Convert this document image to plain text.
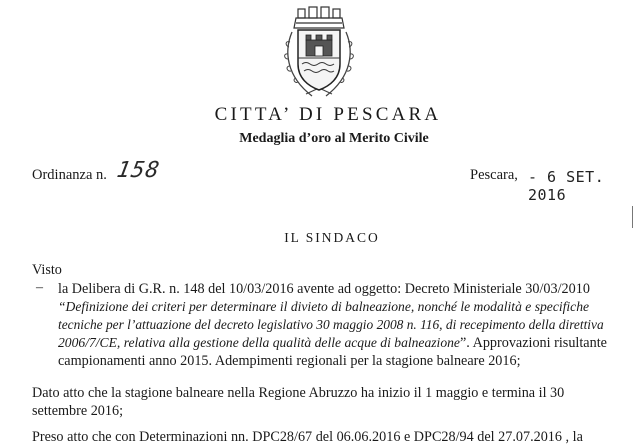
CITTA’ DI PESCARA
Medaglia d’oro al Merito Civile
Ordinanza n. 158	Pescara, - 6 SET. 2016
IL SINDACO
Visto
– la Delibera di G.R. n. 148 del 10/03/2016 avente ad oggetto: Decreto Ministeriale 30/03/2010
“Definizione dei criteri per determinare il divieto di balneazione, nonché le modalità e specifiche
tecniche per l’attuazione del decreto legislativo 30 maggio 2008 n. 116, di recepimento della direttiva
2006/7/CE, relativa alla gestione della qualità delle acque di balneazione”. Approvazioni risultante
campionamenti anno 2015. Adempimenti regionali per la stagione balneare 2016;
Dato atto che la stagione balneare nella Regione Abruzzo ha inizio il 1 maggio e termina il 30
settembre 2016;
Preso atto che con Determinazioni nn. DPC28/67 del 06.06.2016 e DPC28/94 del 27.07.2016 , la
